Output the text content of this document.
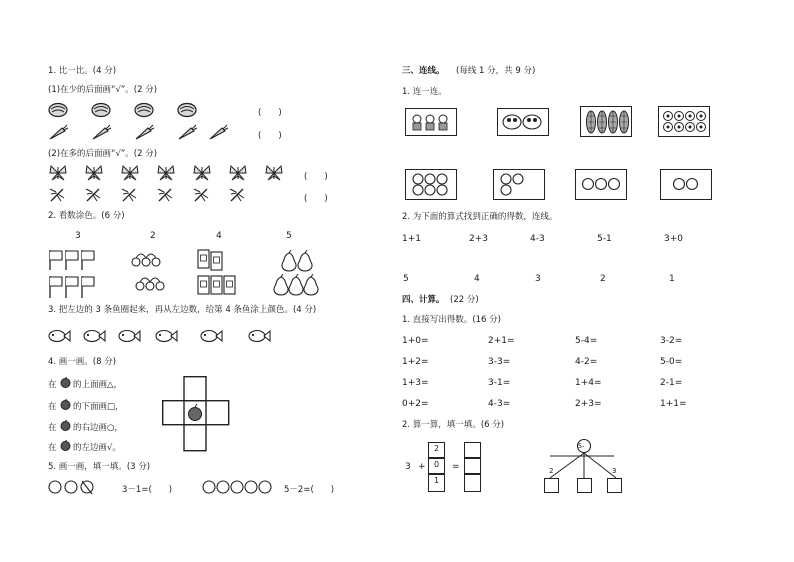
1. 比一比。(4 分)
(1)在少的后面画“√”。(2 分)
(　　)
(　　)
(2)在多的后面画“√”。(2 分)
(　　)
(　　)
2. 看数涂色。(6 分)
3	2	4	5
3. 把左边的 3 条鱼圈起来，再从左边数，给第 4 条鱼涂上颜色。(4 分)
4. 画一画。(8 分)
在 的上面画△，
在 的下面画□，
在 的右边画○，
在 的左边画√。
5. 画一画，填一填。(3 分)
3－1=(　　)	5－2=(　　)
三、连线。 (每线 1 分，共 9 分)
1. 连一连。
2. 为下面的算式找到正确的得数，连线。
1+1	2+3	4-3	5-1	3+0
5	4	3	2	1
四、计算。 (22 分)
1. 直接写出得数。(16 分)
1+0=	2+1=	5-4=	3-2=
1+2=	3-3=	4-2=	5-0=
1+3=	3-1=	1+4=	2-1=
0+2=	4-3=	2+3=	1+1=
2. 算一算，填一填。(6 分)
3 +
2
0
1
=
5-
2	3
